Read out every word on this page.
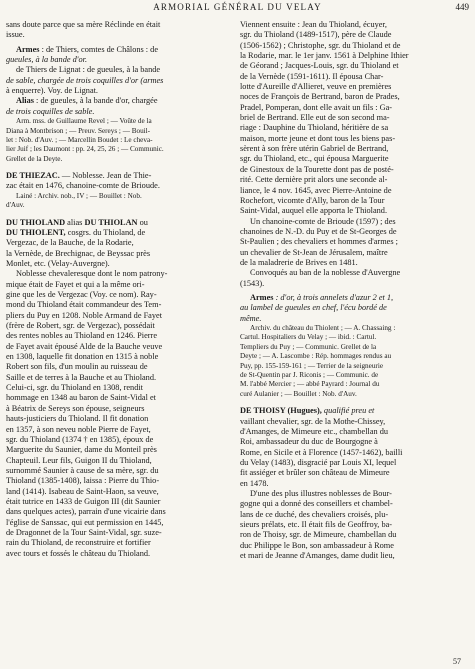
ARMORIAL GÉNÉRAL DU VELAY	449

sans doute parce que sa mère Réclinde en était
issue.

Armes : de Thiers, comtes de Châlons : de
gueules, à la bande d'or.

de Thiers de Lignat : de gueules, à la bande
de sable, chargée de trois coquilles d'or (armes
à enquerre). Voy. de Lignat.

Alias : de gueules, à la bande d'or, chargée
de trois coquilles de sable.

Arm. mss. de Guillaume Revel ; — Voûte de la
Diana à Montbrison ; — Preuv. Sereys ; — Bouil-
let : Nob. d'Auv. ; — Marcellin Boudet : Le cheva-
lier Juif ; les Daumont : pp. 24, 25, 26 ; — Communic.
Grellet de la Deyte.

DE THIEZAC. — Noblesse. Jean de Thie-
zac était en 1476, chanoine-comte de Brioude.

Lainé : Archiv. nob., IV ; — Bouillet : Nob.
d'Auv.

DU THIOLAND alias DU THIOLAN ou
DU THIOLENT, cosgrs. du Thioland, de
Vergezac, de la Bauche, de la Rodarie,
la Vernède, de Brechignac, de Beyssac près
Monlet, etc. (Velay-Auvergne).

Noblesse chevaleresque dont le nom patrony-
mique était de Fayet et qui a la même ori-
gine que les de Vergezac (Voy. ce nom). Ray-
mond du Thioland était commandeur des Tem-
pliers du Puy en 1208. Noble Armand de Fayet
(frère de Robert, sgr. de Vergezac), possédait
des rentes nobles au Thioland en 1246. Pierre
de Fayet avait épousé Alde de la Bauche veuve
en 1308, laquelle fit donation en 1315 à noble
Robert son fils, d'un moulin au ruisseau de
Saille et de terres à la Bauche et au Thioland.
Celui-ci, sgr. du Thioland en 1308, rendit
hommage en 1348 au baron de Saint-Vidal et
à Béatrix de Sereys son épouse, seigneurs
hauts-justiciers du Thioland. Il fit donation
en 1357, à son neveu noble Pierre de Fayet,
sgr. du Thioland (1374 † en 1385), époux de
Marguerite du Saunier, dame du Monteil près
Chapteuil. Leur fils, Guigon II du Thioland,
surnommé Saunier à cause de sa mère, sgr. du
Thioland (1385-1408), laissa : Pierre du Thio-
land (1414). Isabeau de Saint-Haon, sa veuve,
était tutrice en 1433 de Guigon III (dit Saunier
dans quelques actes), parrain d'une vicairie dans
l'église de Sanssac, qui eut permission en 1445,
de Dragonnet de la Tour Saint-Vidal, sgr. suze-
rain du Thioland, de reconstruire et fortifier
avec tours et fossés le château du Thioland.

Viennent ensuite : Jean du Thioland, écuyer,
sgr. du Thioland (1489-1517), père de Claude
(1506-1562) ; Christophe, sgr. du Thioland et de
la Rodarie, mar. le 1er janv. 1561 à Delphine Ithier
de Géorand ; Jacques-Louis, sgr. du Thioland et
de la Vernède (1591-1611). Il épousa Char-
lotte d'Aureille d'Allieret, veuve en premières
noces de François de Bertrand, baron de Prades,
Pradel, Pomperan, dont elle avait un fils : Ga-
briel de Bertrand. Elle eut de son second ma-
riage : Dauphine du Thioland, héritière de sa
maison, morte jeune et dont tous les biens pas-
sèrent à son frère utérin Gabriel de Bertrand,
sgr. du Thioland, etc., qui épousa Marguerite
de Ginestoux de la Tourette dont pas de posté-
rité. Cette dernière prit alors une seconde al-
liance, le 4 nov. 1645, avec Pierre-Antoine de
Rochefort, vicomte d'Ally, baron de la Tour
Saint-Vidal, auquel elle apporta le Thioland.

Un chanoine-comte de Brioude (1597) ; des
chanoines de N.-D. du Puy et de St-Georges de
St-Paulien ; des chevaliers et hommes d'armes ;
un chevalier de St-Jean de Jérusalem, maître
de la maladrerie de Brives en 1481.

Convoqués au ban de la noblesse d'Auvergne
(1543).

Armes : d'or, à trois annelets d'azur 2 et 1,
au lambel de gueules en chef, l'écu bordé de
même.

Archiv. du château du Thiolent ; — A. Chassaing :
Cartul. Hospitaliers du Velay ; — ibid. : Cartul.
Templiers du Puy ; — Communic. Grellet de la
Deyte ; — A. Lascombe : Rép. hommages rendus au
Puy, pp. 155-159-161 ; — Terrier de la seigneurie
de St-Quentin par J. Riconis ; — Communic. de
M. l'abbé Mercier ; — abbé Payrard : Journal du
curé Aulanier ; — Bouillet : Nob. d'Auv.

DE THOISY (Hugues), qualifié preu et
vaillant chevalier, sgr. de la Mothe-Chissey,
d'Amanges, de Mimeure etc., chambellan du
Roi, ambassadeur du duc de Bourgogne à
Rome, en Sicile et à Florence (1457-1462), bailli
du Velay (1483), disgracié par Louis XI, lequel
fit assiéger et brûler son château de Mimeure
en 1478.

D'une des plus illustres noblesses de Bour-
gogne qui a donné des conseillers et chambel-
lans de ce duché, des chevaliers croisés, plu-
sieurs prélats, etc. Il était fils de Geoffroy, ba-
ron de Thoisy, sgr. de Mimeure, chambellan du
duc Philippe le Bon, son ambassadeur à Rome
et mari de Jeanne d'Amanges, dame dudit lieu,

57
